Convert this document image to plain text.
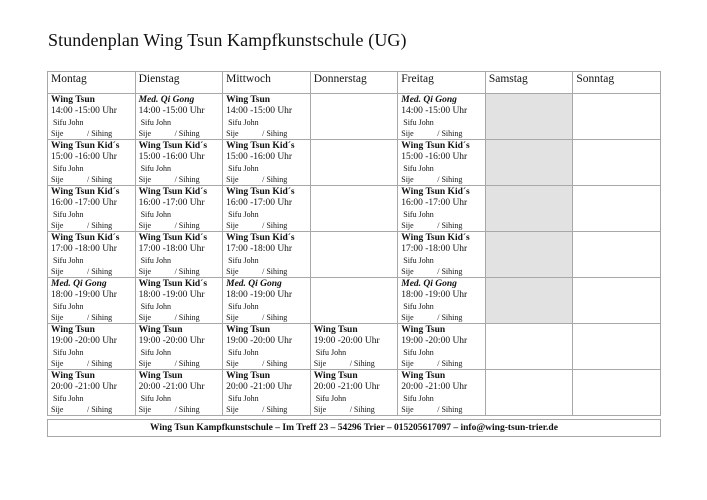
Stundenplan Wing Tsun Kampfkunstschule (UG)
Montag	Dienstag	Mittwoch	Donnerstag	Freitag	Samstag	Sonntag

Wing Tsun
14:00 -15:00 Uhr
Sifu John
Sije / Sihing	Med. Qi Gong
14:00 -15:00 Uhr
Sifu John
Sije / Sihing	Wing Tsun
14:00 -15:00 Uhr
Sifu John
Sije / Sihing		Med. Qi Gong
14:00 -15:00 Uhr
Sifu John
Sije / Sihing		

Wing Tsun Kid´s
15:00 -16:00 Uhr
Sifu John
Sije / Sihing	Wing Tsun Kid´s
15:00 -16:00 Uhr
Sifu John
Sije / Sihing	Wing Tsun Kid´s
15:00 -16:00 Uhr
Sifu John
Sije / Sihing		Wing Tsun Kid´s
15:00 -16:00 Uhr
Sifu John
Sije / Sihing		

Wing Tsun Kid´s
16:00 -17:00 Uhr
Sifu John
Sije / Sihing	Wing Tsun Kid´s
16:00 -17:00 Uhr
Sifu John
Sije / Sihing	Wing Tsun Kid´s
16:00 -17:00 Uhr
Sifu John
Sije / Sihing		Wing Tsun Kid´s
16:00 -17:00 Uhr
Sifu John
Sije / Sihing		

Wing Tsun Kid´s
17:00 -18:00 Uhr
Sifu John
Sije / Sihing	Wing Tsun Kid´s
17:00 -18:00 Uhr
Sifu John
Sije / Sihing	Wing Tsun Kid´s
17:00 -18:00 Uhr
Sifu John
Sije / Sihing		Wing Tsun Kid´s
17:00 -18:00 Uhr
Sifu John
Sije / Sihing		

Med. Qi Gong
18:00 -19:00 Uhr
Sifu John
Sije / Sihing	Wing Tsun Kid´s
18:00 -19:00 Uhr
Sifu John
Sije / Sihing	Med. Qi Gong
18:00 -19:00 Uhr
Sifu John
Sije / Sihing		Med. Qi Gong
18:00 -19:00 Uhr
Sifu John
Sije / Sihing		

Wing Tsun
19:00 -20:00 Uhr
Sifu John
Sije / Sihing	Wing Tsun
19:00 -20:00 Uhr
Sifu John
Sije / Sihing	Wing Tsun
19:00 -20:00 Uhr
Sifu John
Sije / Sihing	Wing Tsun
19:00 -20:00 Uhr
Sifu John
Sije / Sihing	Wing Tsun
19:00 -20:00 Uhr
Sifu John
Sije / Sihing		

Wing Tsun
20:00 -21:00 Uhr
Sifu John
Sije / Sihing	Wing Tsun
20:00 -21:00 Uhr
Sifu John
Sije / Sihing	Wing Tsun
20:00 -21:00 Uhr
Sifu John
Sije / Sihing	Wing Tsun
20:00 -21:00 Uhr
Sifu John
Sije / Sihing	Wing Tsun
20:00 -21:00 Uhr
Sifu John
Sije / Sihing		

Wing Tsun Kampfkunstschule – Im Treff 23 – 54296 Trier – 015205617097 – info@wing-tsun-trier.de
